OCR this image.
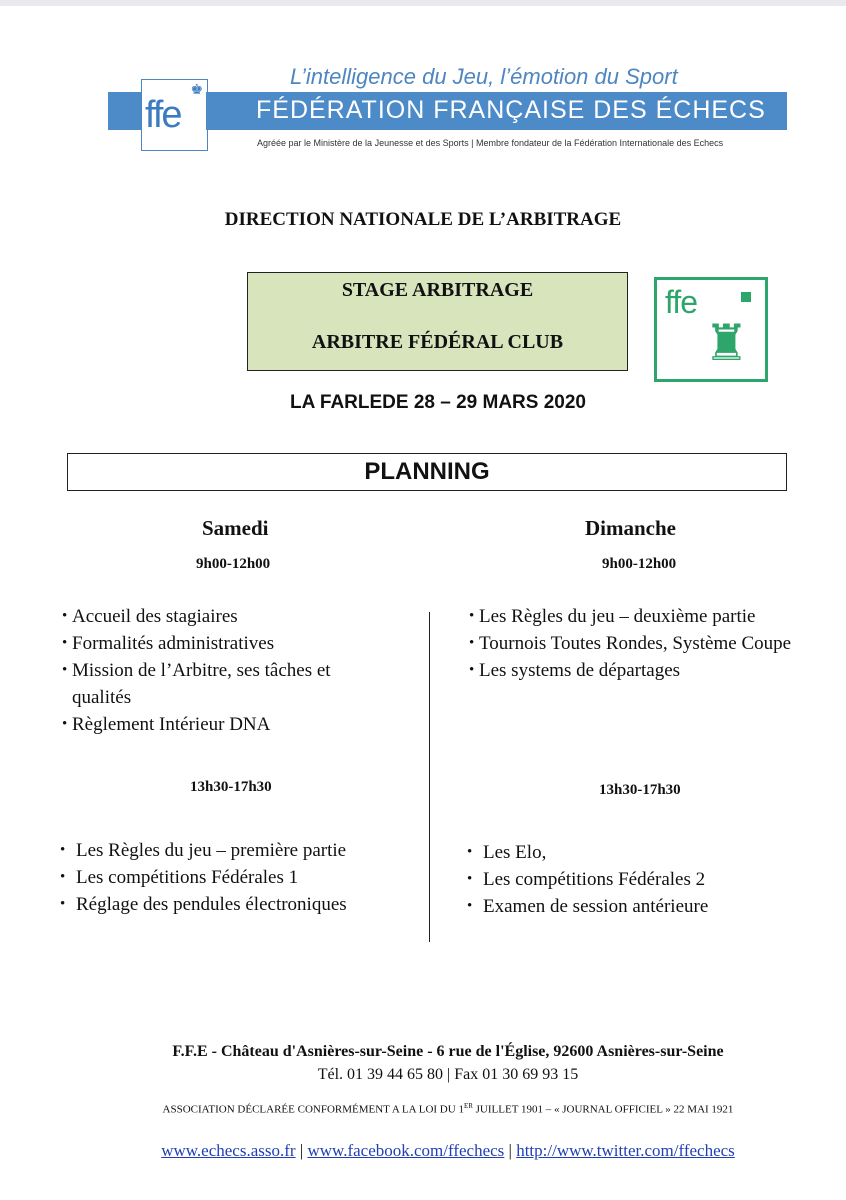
L’intelligence du Jeu, l’émotion du Sport
ffe
♚
FÉDÉRATION FRANÇAISE DES ÉCHECS
Agréée par le Ministère de la Jeunesse et des Sports | Membre fondateur de la Fédération Internationale des Echecs
DIRECTION NATIONALE DE L’ARBITRAGE
STAGE ARBITRAGE
ARBITRE FÉDÉRAL CLUB
ffe
♜
LA FARLEDE 28 – 29 MARS 2020
PLANNING
Samedi
9h00-12h00
• Accueil des stagiaires
• Formalités administratives
• Mission de l’Arbitre, ses tâches et qualités
• Règlement Intérieur DNA
13h30-17h30
• Les Règles du jeu – première partie
• Les compétitions Fédérales 1
• Réglage des pendules électroniques
Dimanche
9h00-12h00
• Les Règles du jeu – deuxième partie
• Tournois Toutes Rondes, Système Coupe
• Les systems de départages
13h30-17h30
• Les Elo,
• Les compétitions Fédérales 2
• Examen de session antérieure
F.F.E - Château d'Asnières-sur-Seine - 6 rue de l'Église, 92600 Asnières-sur-Seine
Tél. 01 39 44 65 80 | Fax 01 30 69 93 15
ASSOCIATION DÉCLARÉE CONFORMÉMENT A LA LOI DU 1ER JUILLET 1901 – « JOURNAL OFFICIEL » 22 MAI 1921
www.echecs.asso.fr | www.facebook.com/ffechecs | http://www.twitter.com/ffechecs
